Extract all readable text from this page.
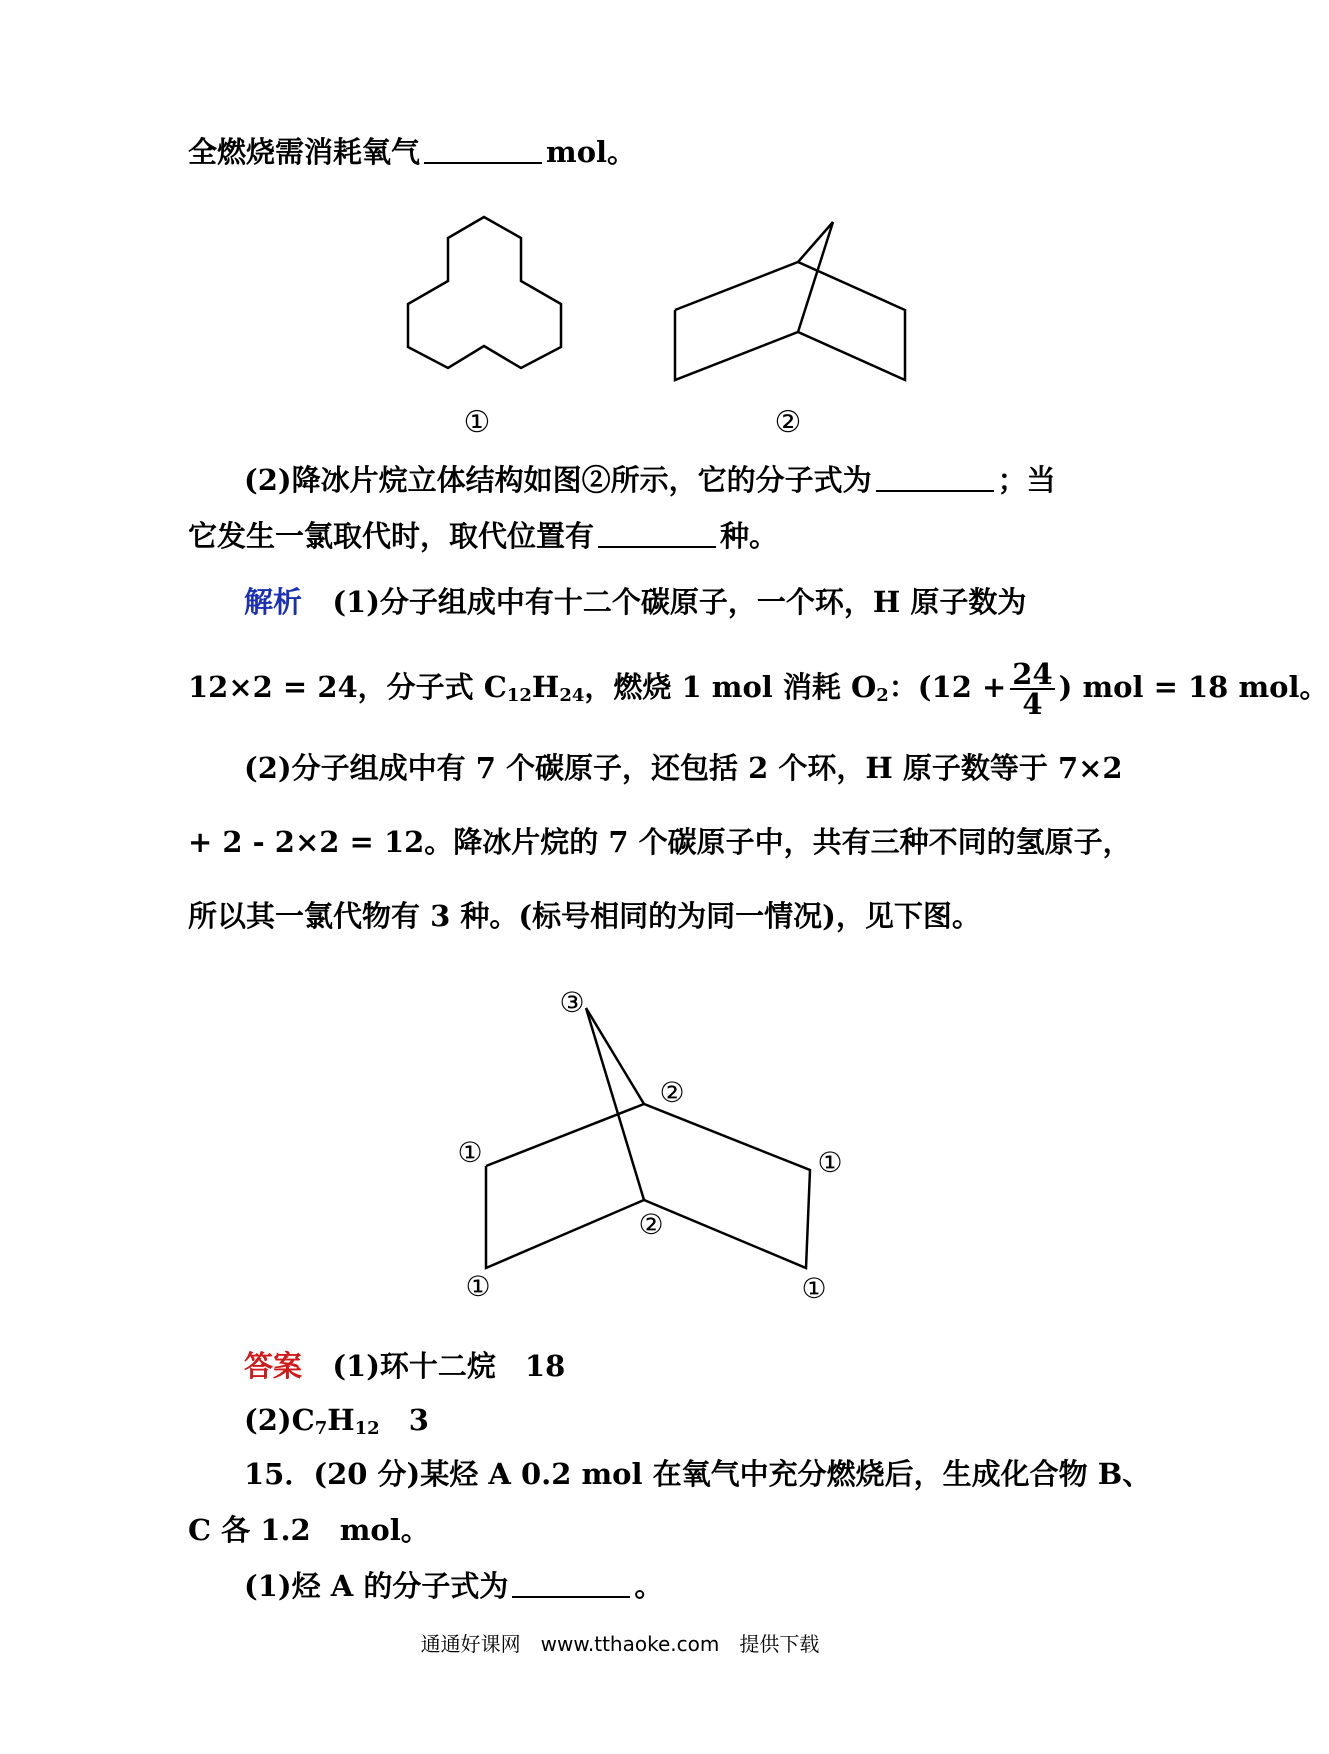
全燃烧需消耗氧气	mol。
①	②
(2)降冰片烷立体结构如图②所示，它的分子式为	；当
它发生一氯取代时，取代位置有	种。
解析 (1)分子组成中有十二个碳原子，一个环，H 原子数为
12×2 = 24，分子式 $C_{12}H_{24}$，燃烧 1 mol 消耗 $O_2$：($12 + \frac{24}{4}$ ) mol = 18 mol。
(2)分子组成中有 7 个碳原子，还包括 2 个环，H 原子数等于 7×2
+ 2 - 2×2 = 12。降冰片烷的 7 个碳原子中，共有三种不同的氢原子，
所以其一氯代物有 3 种。(标号相同的为同一情况)，见下图。
③
②
①	①
②
①	①
答案 (1)环十二烷　18
$(2)C_7H_{12}$　3
15．(20 分)某烃 A 0.2 mol 在氧气中充分燃烧后，生成化合物 B、
C 各 1.2　mol。
(1)烃 A 的分子式为	。
通通好课网　www.tthaoke.com　提供下载
